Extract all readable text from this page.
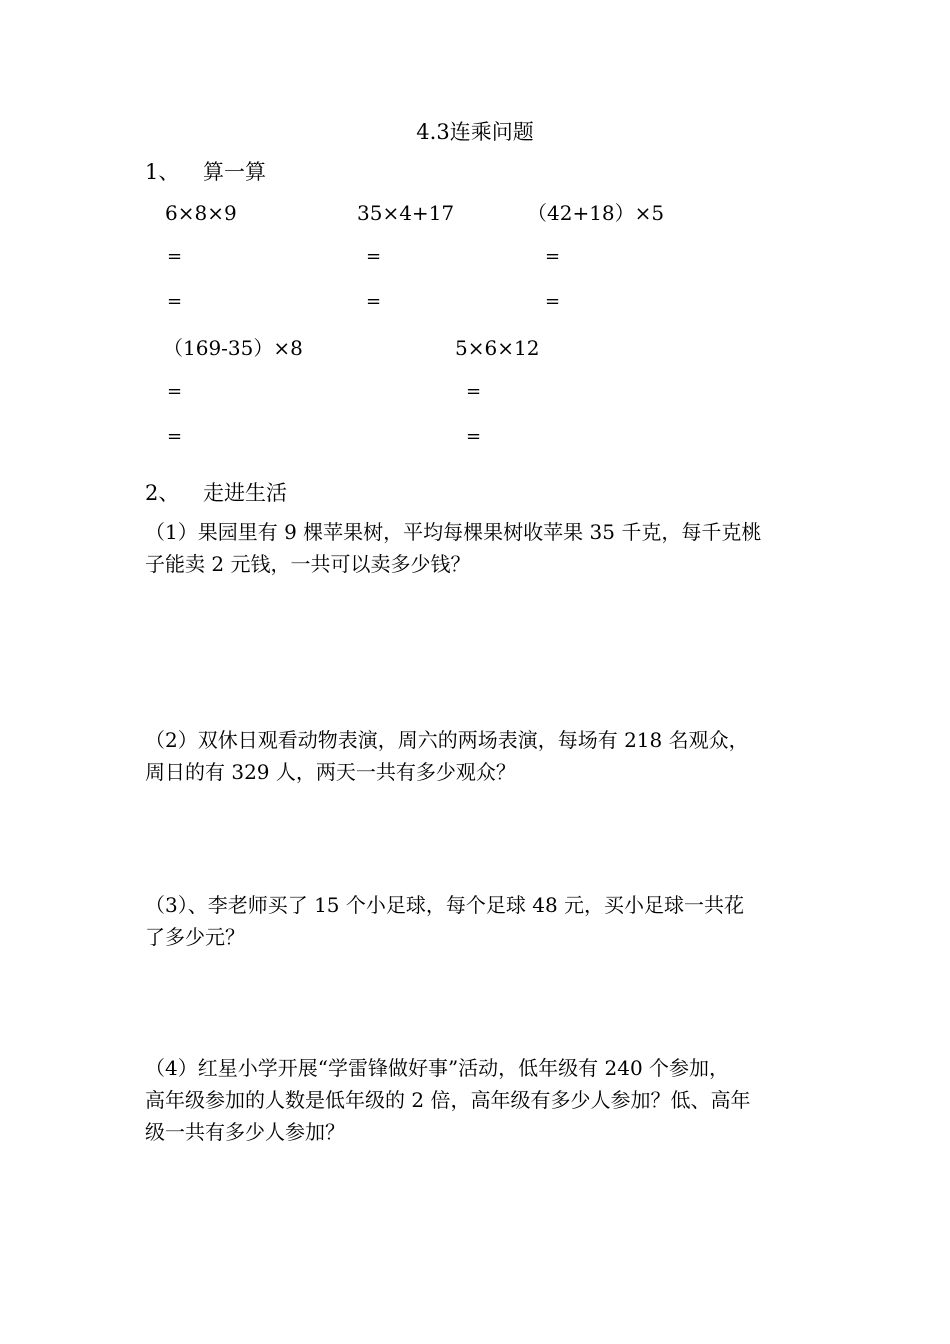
4.3连乘问题
1、 算一算
6×8×9	35×4+17	（42+18）×5
=	=	=
=	=	=
（169-35）×8	5×6×12
=	=
=	=
2、 走进生活
（1）果园里有 9 棵苹果树，平均每棵果树收苹果 35 千克，每千克桃
子能卖 2 元钱，一共可以卖多少钱？
（2）双休日观看动物表演，周六的两场表演，每场有 218 名观众，
周日的有 329 人，两天一共有多少观众？
（3）、李老师买了 15 个小足球，每个足球 48 元，买小足球一共花
了多少元？
（4）红星小学开展“学雷锋做好事”活动，低年级有 240 个参加，
高年级参加的人数是低年级的 2 倍，高年级有多少人参加？低、高年
级一共有多少人参加？
